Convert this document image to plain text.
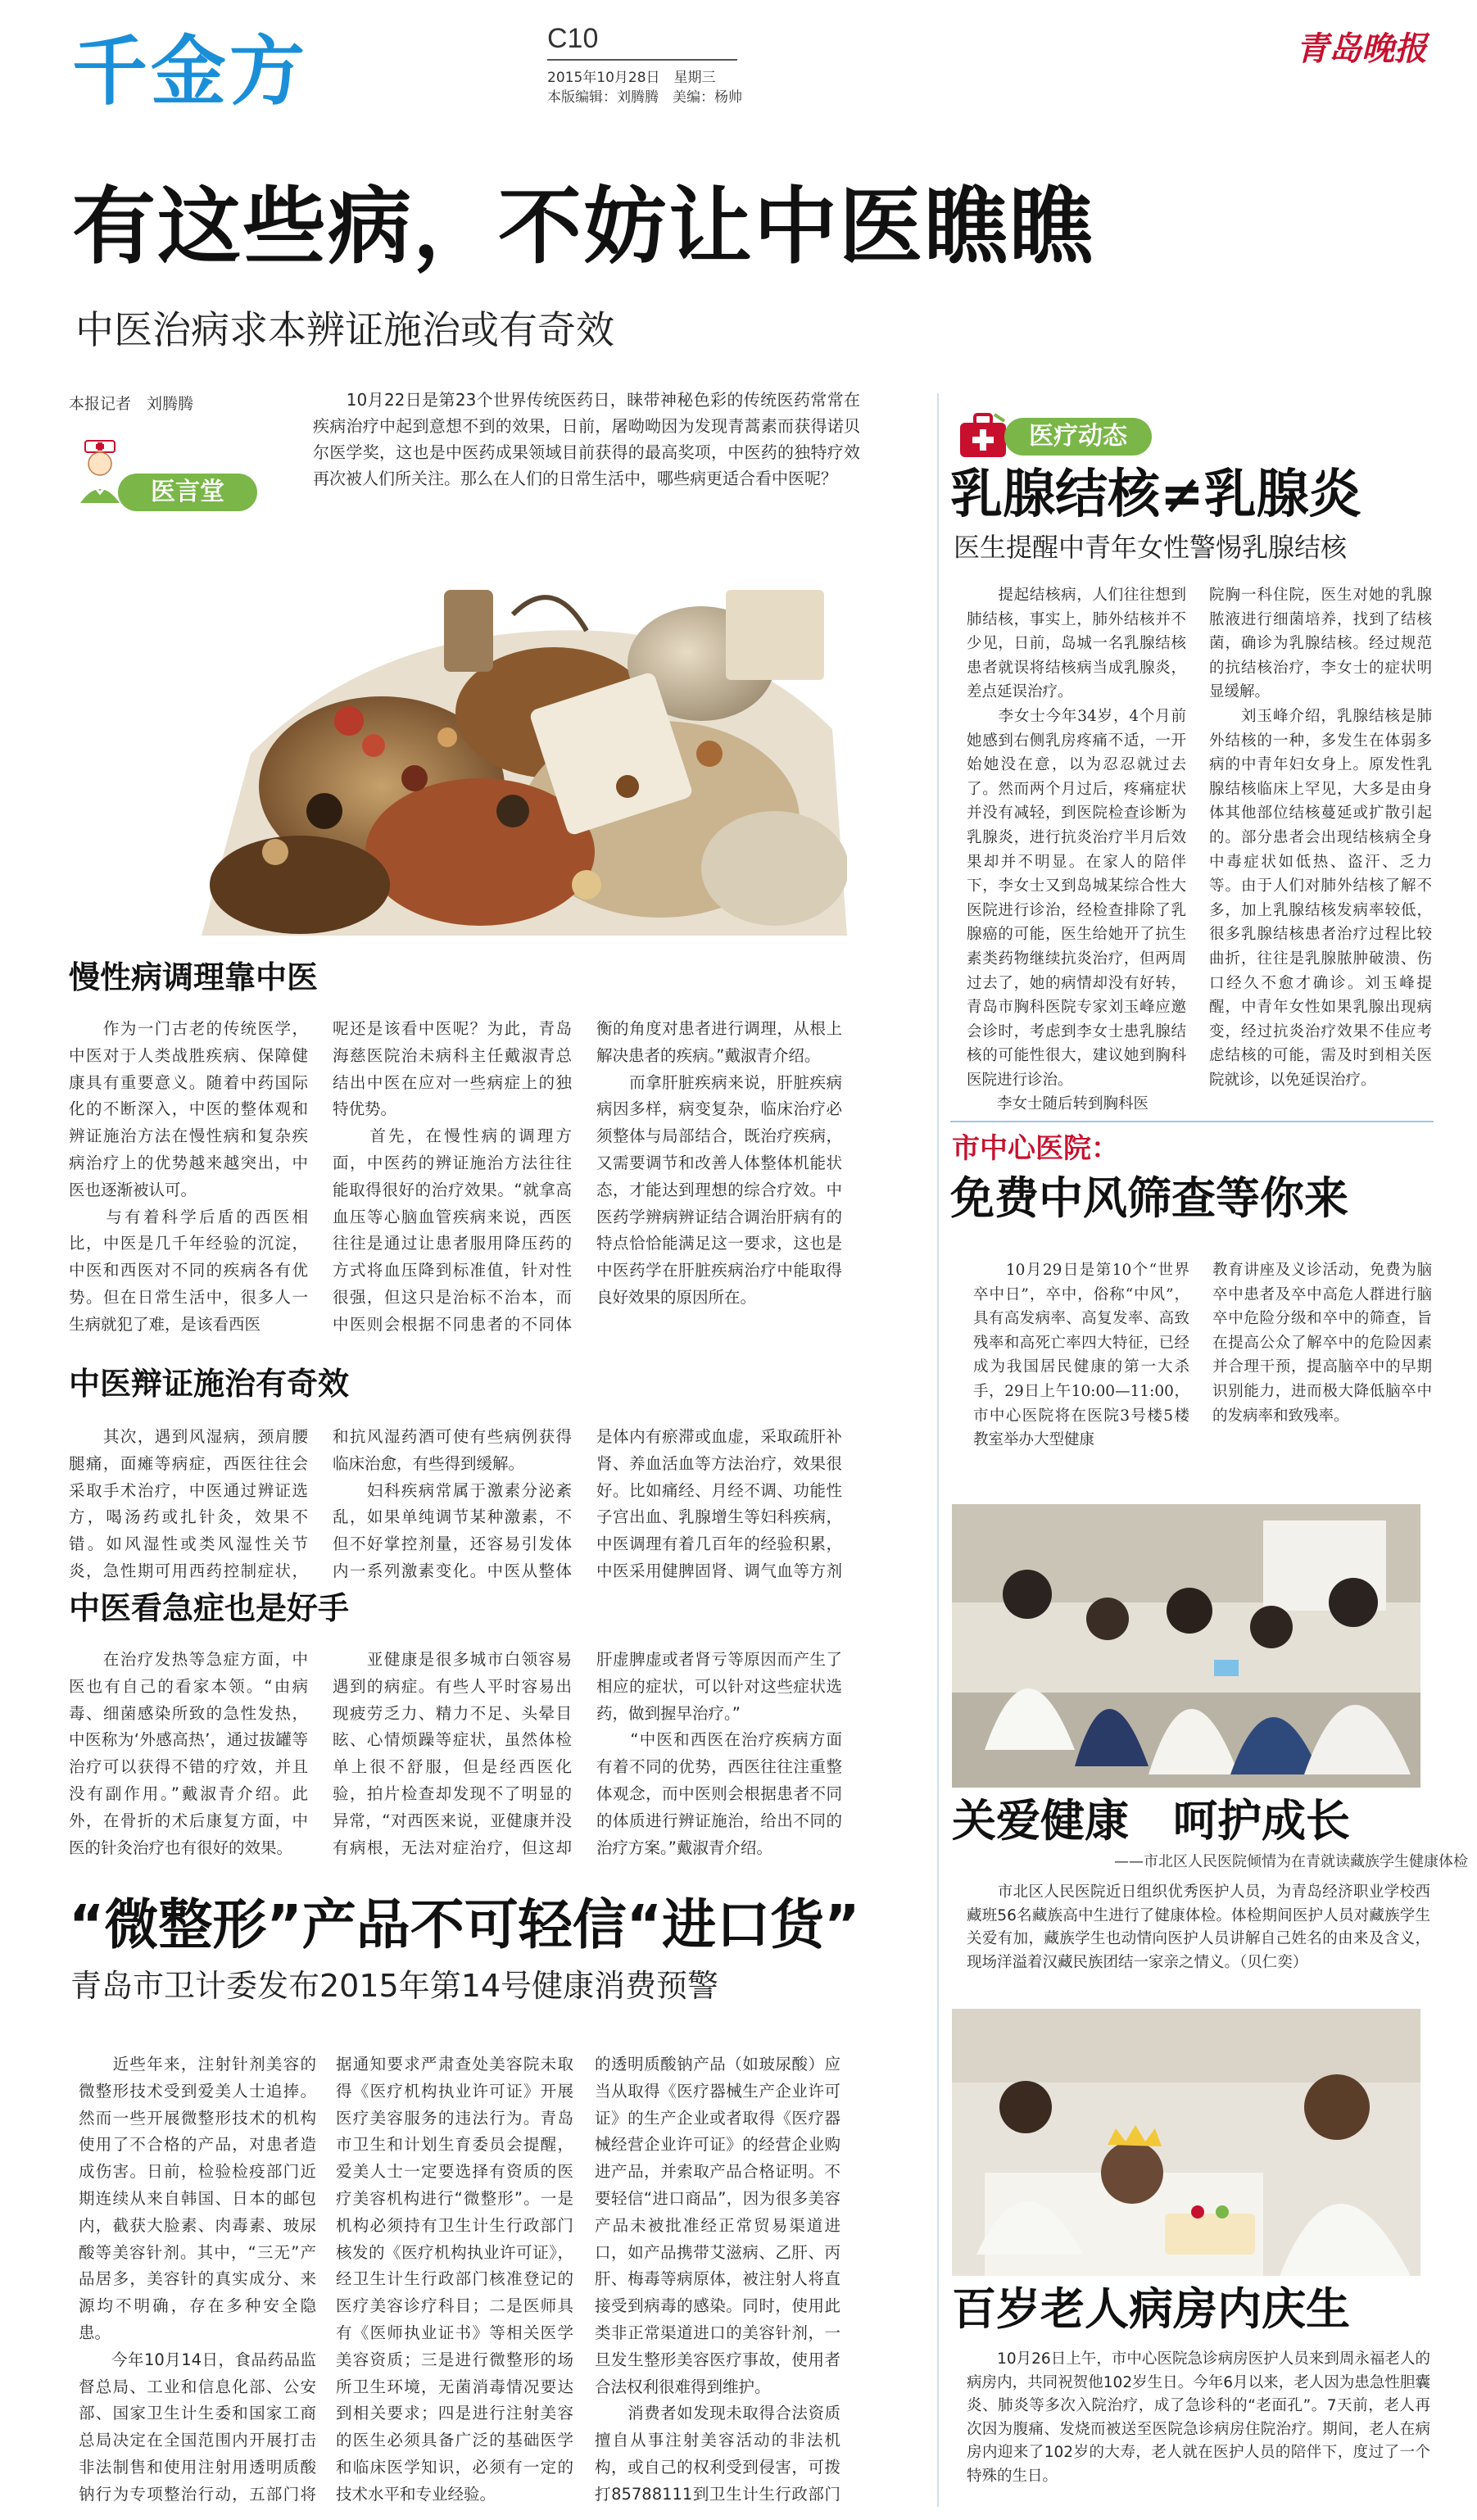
千金方	C10
2015年10月28日　星期三
本版编辑：刘腾腾　美编：杨帅
青岛晚报
有这些病，不妨让中医瞧瞧
中医治病求本辨证施治或有奇效
本报记者　刘腾腾
医言堂
　　10月22日是第23个世界传统医药日，睐带神秘色彩的传统医药常常在疾病治疗中起到意想不到的效果，日前，屠呦呦因为发现青蒿素而获得诺贝尔医学奖，这也是中医药成果领域目前获得的最高奖项，中医药的独特疗效再次被人们所关注。那么在人们的日常生活中，哪些病更适合看中医呢？
慢性病调理靠中医
　　作为一门古老的传统医学，中医对于人类战胜疾病、保障健康具有重要意义。随着中药国际化的不断深入，中医的整体观和辨证施治方法在慢性病和复杂疾病治疗上的优势越来越突出，中医也逐渐被认可。
　　与有着科学后盾的西医相比，中医是几千年经验的沉淀，中医和西医对不同的疾病各有优势。但在日常生活中，很多人一生病就犯了难，是该看西医
呢还是该看中医呢？为此，青岛海慈医院治未病科主任戴淑青总结出中医在应对一些病症上的独特优势。
　　首先，在慢性病的调理方面，中医药的辨证施治方法往往能取得很好的治疗效果。“就拿高血压等心脑血管疾病来说，西医往往是通过让患者服用降压药的方式将血压降到标准值，针对性很强，但这只是治标不治本，而中医则会根据不同患者的不同体
衡的角度对患者进行调理，从根上解决患者的疾病。”戴淑青介绍。
　　而拿肝脏疾病来说，肝脏疾病病因多样，病变复杂，临床治疗必须整体与局部结合，既治疗疾病，又需要调节和改善人体整体机能状态，才能达到理想的综合疗效。中医药学辨病辨证结合调治肝病有的特点恰恰能满足这一要求，这也是中医药学在肝脏疾病治疗中能取得良好效果的原因所在。
中医辩证施治有奇效
　　其次，遇到风湿病，颈肩腰腿痛，面瘫等病症，西医往往会采取手术治疗，中医通过辨证选方，喝汤药或扎针灸，效果不错。如风湿性或类风湿性关节炎，急性期可用西药控制症状，
和抗风湿药酒可使有些病例获得临床治愈，有些得到缓解。
　　妇科疾病常属于激素分泌紊乱，如果单纯调节某种激素，不但不好掌控剂量，还容易引发体内一系列激素变化。中医从整体
是体内有瘀滞或血虚，采取疏肝补肾、养血活血等方法治疗，效果很好。比如痛经、月经不调、功能性子宫出血、乳腺增生等妇科疾病，中医调理有着几百年的经验积累，中医采用健脾固肾、调气血等方剂
中医看急症也是好手
　　在治疗发热等急症方面，中医也有自己的看家本领。“由病毒、细菌感染所致的急性发热，中医称为‘外感高热’，通过拔罐等治疗可以获得不错的疗效，并且没有副作用。”戴淑青介绍。此外，在骨折的术后康复方面，中医的针灸治疗也有很好的效果。
　　亚健康是很多城市白领容易遇到的病症。有些人平时容易出现疲劳乏力、精力不足、头晕目眩、心情烦躁等症状，虽然体检单上很不舒服，但是经西医化验，拍片检查却发现不了明显的异常，“对西医来说，亚健康并没有病根，无法对症治疗，但这却
肝虚脾虚或者肾亏等原因而产生了相应的症状，可以针对这些症状选药，做到握早治疗。”
　　“中医和西医在治疗疾病方面有着不同的优势，西医往往注重整体观念，而中医则会根据患者不同的体质进行辨证施治，给出不同的治疗方案。”戴淑青介绍。
“微整形”产品不可轻信“进口货”
青岛市卫计委发布2015年第14号健康消费预警
　　近些年来，注射针剂美容的微整形技术受到爱美人士追捧。然而一些开展微整形技术的机构使用了不合格的产品，对患者造成伤害。日前，检验检疫部门近期连续从来自韩国、日本的邮包内，截获大脸素、肉毒素、玻尿酸等美容针剂。其中，“三无”产品居多，美容针的真实成分、来源均不明确，存在多种安全隐患。
　　今年10月14日，食品药品监督总局、工业和信息化部、公安部、国家卫生计生委和国家工商总局决定在全国范围内开展打击非法制售和使用注射用透明质酸钠行为专项整治行动，五部门将
据通知要求严肃查处美容院未取得《医疗机构执业许可证》开展医疗美容服务的违法行为。青岛市卫生和计划生育委员会提醒，爱美人士一定要选择有资质的医疗美容机构进行“微整形”。一是机构必须持有卫生计生行政部门核发的《医疗机构执业许可证》，经卫生计生行政部门核准登记的医疗美容诊疗科目；二是医师具有《医师执业证书》等相关医学美容资质；三是进行微整形的场所卫生环境，无菌消毒情况要达到相关要求；四是进行注射美容的医生必须具备广泛的基础医学和临床医学知识，必须有一定的技术水平和专业经验。

的透明质酸钠产品（如玻尿酸）应当从取得《医疗器械生产企业许可证》的生产企业或者取得《医疗器械经营企业许可证》的经营企业购进产品，并索取产品合格证明。不要轻信“进口商品”，因为很多美容产品未被批准经正常贸易渠道进口，如产品携带艾滋病、乙肝、丙肝、梅毒等病原体，被注射人将直接受到病毒的感染。同时，使用此类非正常渠道进口的美容针剂，一旦发生整形美容医疗事故，使用者合法权利很难得到维护。
　　消费者如发现未取得合法资质擅自从事注射美容活动的非法机构，或自己的权利受到侵害，可拨打85788111到卫生计生行政部门
医疗动态
乳腺结核≠乳腺炎
医生提醒中青年女性警惕乳腺结核
　　提起结核病，人们往往想到肺结核，事实上，肺外结核并不少见，日前，岛城一名乳腺结核患者就误将结核病当成乳腺炎，差点延误治疗。
　　李女士今年34岁，4个月前她感到右侧乳房疼痛不适，一开始她没在意，以为忍忍就过去了。然而两个月过后，疼痛症状并没有减轻，到医院检查诊断为乳腺炎，进行抗炎治疗半月后效果却并不明显。在家人的陪伴下，李女士又到岛城某综合性大医院进行诊治，经检查排除了乳腺癌的可能，医生给她开了抗生素类药物继续抗炎治疗，但两周过去了，她的病情却没有好转，青岛市胸科医院专家刘玉峰应邀会诊时，考虑到李女士患乳腺结核的可能性很大，建议她到胸科医院进行诊治。
　　李女士随后转到胸科医
院胸一科住院，医生对她的乳腺脓液进行细菌培养，找到了结核菌，确诊为乳腺结核。经过规范的抗结核治疗，李女士的症状明显缓解。
　　刘玉峰介绍，乳腺结核是肺外结核的一种，多发生在体弱多病的中青年妇女身上。原发性乳腺结核临床上罕见，大多是由身体其他部位结核蔓延或扩散引起的。部分患者会出现结核病全身中毒症状如低热、盗汗、乏力等。由于人们对肺外结核了解不多，加上乳腺结核发病率较低，很多乳腺结核患者治疗过程比较曲折，往往是乳腺脓肿破溃、伤口经久不愈才确诊。刘玉峰提醒，中青年女性如果乳腺出现病变，经过抗炎治疗效果不佳应考虑结核的可能，需及时到相关医院就诊，以免延误治疗。
市中心医院：
免费中风筛查等你来
　　10月29日是第10个“世界卒中日”，卒中，俗称“中风”，具有高发病率、高复发率、高致残率和高死亡率四大特征，已经成为我国居民健康的第一大杀手，29日上午10:00—11:00，市中心医院将在医院3号楼5楼教室举办大型健康
教育讲座及义诊活动，免费为脑卒中患者及卒中高危人群进行脑卒中危险分级和卒中的筛查，旨在提高公众了解卒中的危险因素并合理干预，提高脑卒中的早期识别能力，进而极大降低脑卒中的发病率和致残率。
关爱健康　呵护成长
——市北区人民医院倾情为在青就读藏族学生健康体检
　　市北区人民医院近日组织优秀医护人员，为青岛经济职业学校西藏班56名藏族高中生进行了健康体检。体检期间医护人员对藏族学生关爱有加，藏族学生也动情向医护人员讲解自己姓名的由来及含义，现场洋溢着汉藏民族团结一家亲之情义。（贝仁奕）
百岁老人病房内庆生
　　10月26日上午，市中心医院急诊病房医护人员来到周永福老人的病房内，共同祝贺他102岁生日。今年6月以来，老人因为患急性胆囊炎、肺炎等多次入院治疗，成了急诊科的“老面孔”。7天前，老人再次因为腹痛、发烧而被送至医院急诊病房住院治疗。期间，老人在病房内迎来了102岁的大寿，老人就在医护人员的陪伴下，度过了一个特殊的生日。
